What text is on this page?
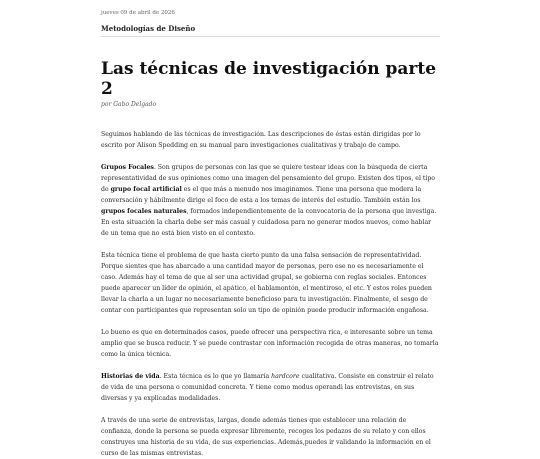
jueves 09 de abril de 2026
Metodologías de Diseño
Las técnicas de investigación parte 2
por Gabo Delgado

Seguimos hablando de las técnicas de investigación. Las descripciones de éstas están dirigidas por lo escrito por Alison Spedding en su manual para investigaciones cualitativas y trabajo de campo.

Grupos Focales. Son grupos de personas con las que se quiere testear ideas con la búsqueda de cierta representatividad de sus opiniones como una imagen del pensamiento del grupo. Existen dos tipos, el tipo de grupo focal artificial es el que más a menudo nos imaginamos. Tiene una persona que modera la conversación y hábilmente dirige el foco de esta a los temas de interés del estudio. También están los grupos focales naturales, formados independientemente de la convocatoria de la persona que investiga. En esta situación la charla debe ser más casual y cuidadosa para no generar modos nuevos, como hablar de un tema que no está bien visto en el contexto.

Esta técnica tiene el problema de que hasta cierto punto da una falsa sensación de representatividad. Porque sientes que has abarcado a una cantidad mayor de personas, pero ese no es necesariamente el caso. Además hay el tema de que al ser una actividad grupal, se gobierna con reglas sociales. Entonces puede aparecer un líder de opinión, el apático, el hablamontón, el mentiroso, el etc. Y estos roles pueden llevar la charla a un lugar no necesariamente beneficioso para tu investigación. Finalmente, el sesgo de contar con participantes que representan solo un tipo de opinión puede producir información engañosa.

Lo bueno es que en determinados casos, puede ofrecer una perspectiva rica, e interesante sobre un tema amplio que se busca reducir. Y se puede contrastar con información recogida de otras maneras, no tomarla como la única técnica.

Historias de vida. Esta técnica es lo que yo llamaría hardcore cualitativa. Consiste en construir el relato de vida de una persona o comunidad concreta. Y tiene como modus operandi las entrevistas, en sus diversas y ya explicadas modalidades.

A través de una serie de entrevistas, largas, donde además tienes que establecer una relación de confianza, donde la persona se pueda expresar libremente, recoges los pedazos de su relato y con ellos construyes una historia de su vida, de sus experiencias. Además,puedes ir validando la información en el curso de las mismas entrevistas.
